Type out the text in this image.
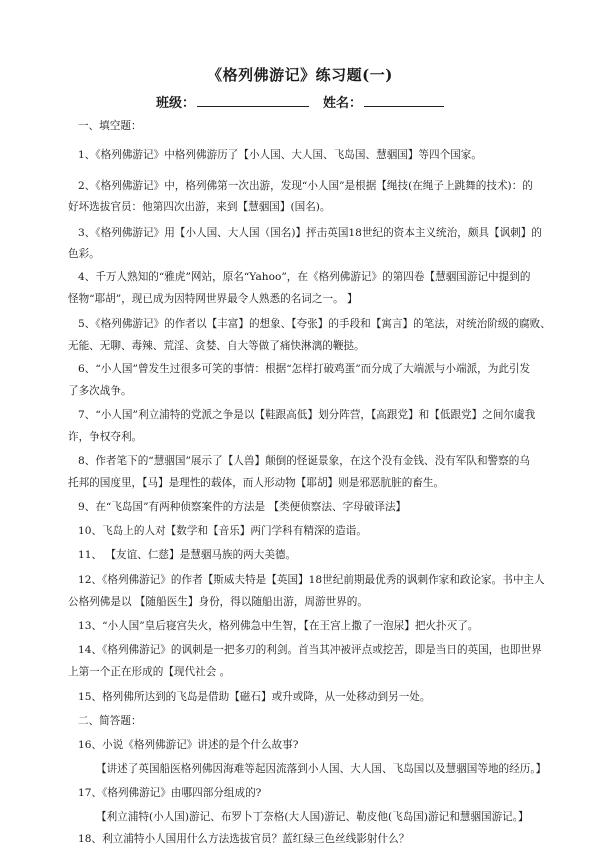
《格列佛游记》练习题(一)
班级：	姓名：
一、填空题：
1、《格列佛游记》中格列佛游历了【小人国、大人国、飞岛国、慧骃国】等四个国家。
2、《格列佛游记》中，格列佛第一次出游，发现“小人国”是根据【绳技(在绳子上跳舞的技术)：的
好坏选拔官员：他第四次出游，来到【慧骃国】(国名)。
3、《格列佛游记》用【小人国、大人国（国名)】抨击英国18世纪的资本主义统治，颇具【讽刺】的
色彩。
4、千万人熟知的“雅虎”网站，原名“Yahoo”，在《格列佛游记》的第四卷【慧骃国游记中提到的
怪物“耶胡”，现已成为因特网世界最令人熟悉的名词之一。 】
5、《格列佛游记》的作者以【丰富】的想象、【夸张】的手段和【寓言】的笔法，对统治阶级的腐败、
无能、无聊、毒辣、荒淫、贪婪、自大等做了痛快淋漓的鞭挞。
6、“小人国”曾发生过很多可笑的事情：根据“怎样打破鸡蛋”而分成了大端派与小端派，为此引发
了多次战争。
7、“小人国”利立浦特的党派之争是以【鞋跟高低】划分阵营，【高跟党】和【低跟党】之间尔虞我
诈，争权夺利。
8、作者笔下的“慧骃国”展示了【人兽】颠倒的怪诞景象，在这个没有金钱、没有军队和警察的乌
托邦的国度里，【马】是理性的载体，而人形动物【耶胡】则是邪恶肮脏的畜生。
9、在“飞岛国”有两种侦察案件的方法是 【类便侦察法、字母破译法】
10、飞岛上的人对【数学和【音乐】两门学科有精深的造诣。
11、 【友谊、仁慈】是慧骃马族的两大美德。
12、《格列佛游记》的作者【斯威夫特是【英国】18世纪前期最优秀的讽刺作家和政论家。书中主人
公格列佛是以 【随船医生】身份，得以随船出游，周游世界的。
13、“小人国”皇后寝宫失火，格列佛急中生智，【在王宫上撒了一泡尿】把火扑灭了。
14、《格列佛游记》的讽刺是一把多刃的利剑。首当其冲被评点或挖苦，即是当日的英国，也即世界
上第一个正在形成的【现代社会 。
15、格列佛所达到的飞岛是借助【磁石】或升或降，从一处移动到另一处。
二、简答题：
16、小说《格列佛游记》讲述的是个什么故事?
【讲述了英国船医格列佛因海难等起因流落到小人国、大人国、飞岛国以及慧骃国等地的经历。】
17、《格列佛游记》由哪四部分组成的?
【利立浦特(小人国)游记、布罗卜丁奈格(大人国)游记、勒皮他(飞岛国)游记和慧骃国游记。】
18、利立浦特小人国用什么方法选拔官员？蓝红绿三色丝线影射什么？
